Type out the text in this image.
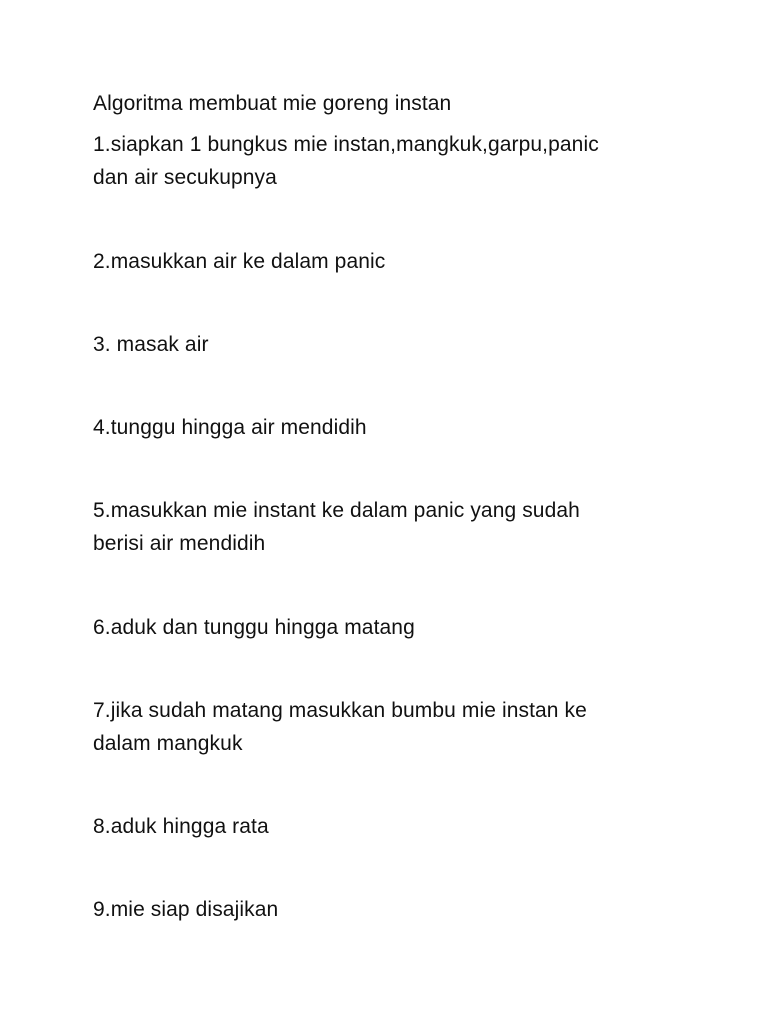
Algoritma membuat mie goreng instan
1.siapkan 1 bungkus mie instan,mangkuk,garpu,panic
dan air secukupnya
2.masukkan air ke dalam panic
3. masak air
4.tunggu hingga air mendidih
5.masukkan mie instant ke dalam panic yang sudah
berisi air mendidih
6.aduk dan tunggu hingga matang
7.jika sudah matang masukkan bumbu mie instan ke
dalam mangkuk
8.aduk hingga rata
9.mie siap disajikan
